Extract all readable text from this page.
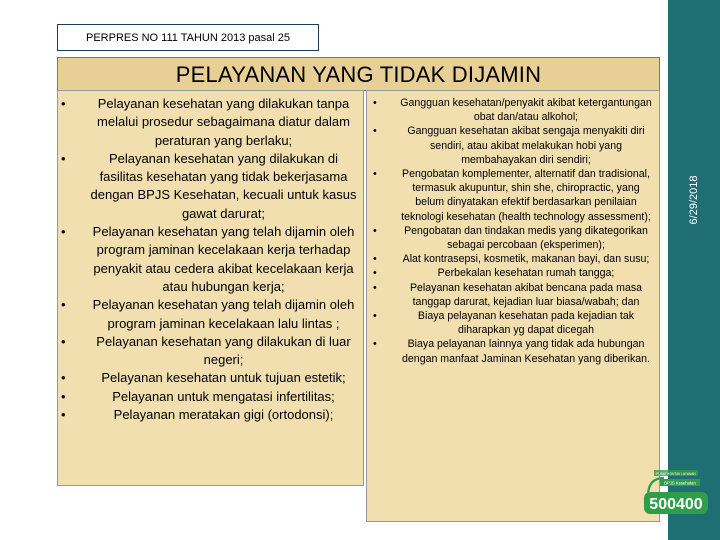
6/29/2018
PERPRES NO 111 TAHUN 2013 pasal 25
PELAYANAN YANG TIDAK DIJAMIN
• Pelayanan kesehatan yang dilakukan tanpa melalui prosedur sebagaimana diatur dalam peraturan yang berlaku;
•	Pelayanan kesehatan yang dilakukan di fasilitas kesehatan yang tidak bekerjasama dengan BPJS Kesehatan, kecuali untuk kasus gawat darurat;
• Pelayanan kesehatan yang telah dijamin oleh program jaminan kecelakaan kerja terhadap penyakit atau cedera akibat kecelakaan kerja atau hubungan kerja;
• Pelayanan kesehatan yang telah dijamin oleh program jaminan kecelakaan lalu lintas ;
• Pelayanan kesehatan yang dilakukan di luar negeri;
•	Pelayanan kesehatan untuk tujuan estetik;
•	Pelayanan untuk mengatasi infertilitas;
•	Pelayanan meratakan gigi (ortodonsi);
• Gangguan kesehatan/penyakit akibat ketergantungan obat dan/atau alkohol;
•	Gangguan kesehatan akibat sengaja menyakiti diri sendiri, atau akibat melakukan hobi yang membahayakan diri sendiri;
• Pengobatan komplementer, alternatif dan tradisional, termasuk akupuntur, shin she, chiropractic, yang belum dinyatakan efektif berdasarkan penilaian teknologi kesehatan (health technology assessment);
•	Pengobatan dan tindakan medis yang dikategorikan sebagai percobaan (eksperimen);
• Alat kontrasepsi, kosmetik, makanan bayi, dan susu;
•	Perbekalan kesehatan rumah tangga;
•	Pelayanan kesehatan akibat bencana pada masa tanggap darurat, kejadian luar biasa/wabah; dan
•	Biaya pelayanan kesehatan pada kejadian tak diharapkan yg dapat dicegah
•	Biaya pelayanan lainnya yang tidak ada hubungan dengan manfaat Jaminan Kesehatan yang diberikan.
PUSAT KONTAK LAYANAN
BPJS Kesehatan
500400
